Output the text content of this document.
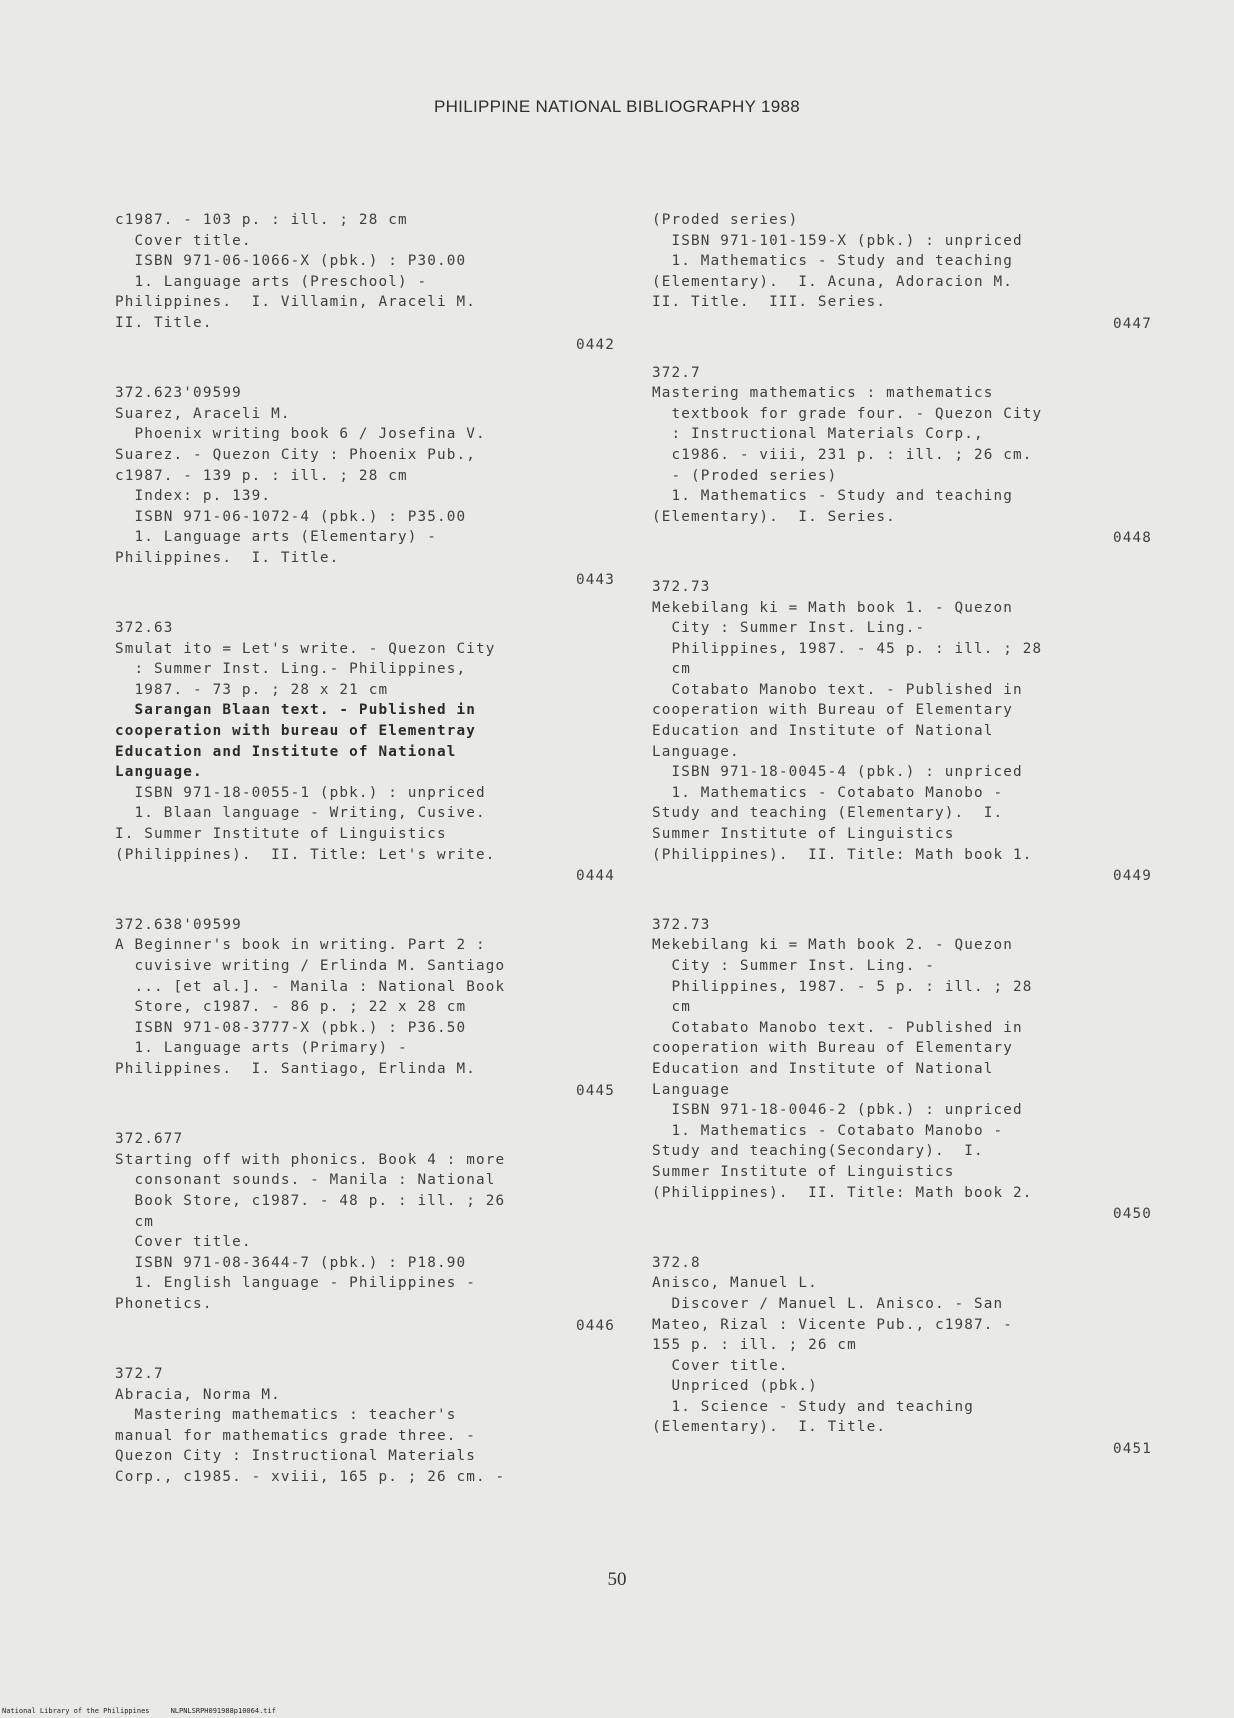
PHILIPPINE NATIONAL BIBLIOGRAPHY 1988
c1987. - 103 p. : ill. ; 28 cm
Cover title.
ISBN 971-06-1066-X (pbk.) : P30.00
1. Language arts (Preschool) -
Philippines.  I. Villamin, Araceli M.
II. Title.
0442
372.623'09599
Suarez, Araceli M.
Phoenix writing book 6 / Josefina V.
Suarez. - Quezon City : Phoenix Pub.,
c1987. - 139 p. : ill. ; 28 cm
Index: p. 139.
ISBN 971-06-1072-4 (pbk.) : P35.00
1. Language arts (Elementary) -
Philippines.  I. Title.
0443
372.63
Smulat ito = Let's write. - Quezon City
: Summer Inst. Ling.- Philippines,
1987. - 73 p. ; 28 x 21 cm
Sarangan Blaan text. - Published in
cooperation with bureau of Elementray
Education and Institute of National
Language.
ISBN 971-18-0055-1 (pbk.) : unpriced
1. Blaan language - Writing, Cusive.
I. Summer Institute of Linguistics
(Philippines).  II. Title: Let's write.
0444
372.638'09599
A Beginner's book in writing. Part 2 :
cuvisive writing / Erlinda M. Santiago
... [et al.]. - Manila : National Book
Store, c1987. - 86 p. ; 22 x 28 cm
ISBN 971-08-3777-X (pbk.) : P36.50
1. Language arts (Primary) -
Philippines.  I. Santiago, Erlinda M.
0445
372.677
Starting off with phonics. Book 4 : more
consonant sounds. - Manila : National
Book Store, c1987. - 48 p. : ill. ; 26
cm
Cover title.
ISBN 971-08-3644-7 (pbk.) : P18.90
1. English language - Philippines -
Phonetics.
0446
372.7
Abracia, Norma M.
Mastering mathematics : teacher's
manual for mathematics grade three. -
Quezon City : Instructional Materials
Corp., c1985. - xviii, 165 p. ; 26 cm. -
(Proded series)
ISBN 971-101-159-X (pbk.) : unpriced
1. Mathematics - Study and teaching
(Elementary).  I. Acuna, Adoracion M.
II. Title.  III. Series.
0447
372.7
Mastering mathematics : mathematics
textbook for grade four. - Quezon City
: Instructional Materials Corp.,
c1986. - viii, 231 p. : ill. ; 26 cm.
- (Proded series)
1. Mathematics - Study and teaching
(Elementary).  I. Series.
0448
372.73
Mekebilang ki = Math book 1. - Quezon
City : Summer Inst. Ling.-
Philippines, 1987. - 45 p. : ill. ; 28
cm
Cotabato Manobo text. - Published in
cooperation with Bureau of Elementary
Education and Institute of National
Language.
ISBN 971-18-0045-4 (pbk.) : unpriced
1. Mathematics - Cotabato Manobo -
Study and teaching (Elementary).  I.
Summer Institute of Linguistics
(Philippines).  II. Title: Math book 1.
0449
372.73
Mekebilang ki = Math book 2. - Quezon
City : Summer Inst. Ling. -
Philippines, 1987. - 5 p. : ill. ; 28
cm
Cotabato Manobo text. - Published in
cooperation with Bureau of Elementary
Education and Institute of National
Language
ISBN 971-18-0046-2 (pbk.) : unpriced
1. Mathematics - Cotabato Manobo -
Study and teaching(Secondary).  I.
Summer Institute of Linguistics
(Philippines).  II. Title: Math book 2.
0450
372.8
Anisco, Manuel L.
Discover / Manuel L. Anisco. - San
Mateo, Rizal : Vicente Pub., c1987. -
155 p. : ill. ; 26 cm
Cover title.
Unpriced (pbk.)
1. Science - Study and teaching
(Elementary).  I. Title.
0451
50
National Library of the Philippines     NLPNLSRPH091988p10064.tif
